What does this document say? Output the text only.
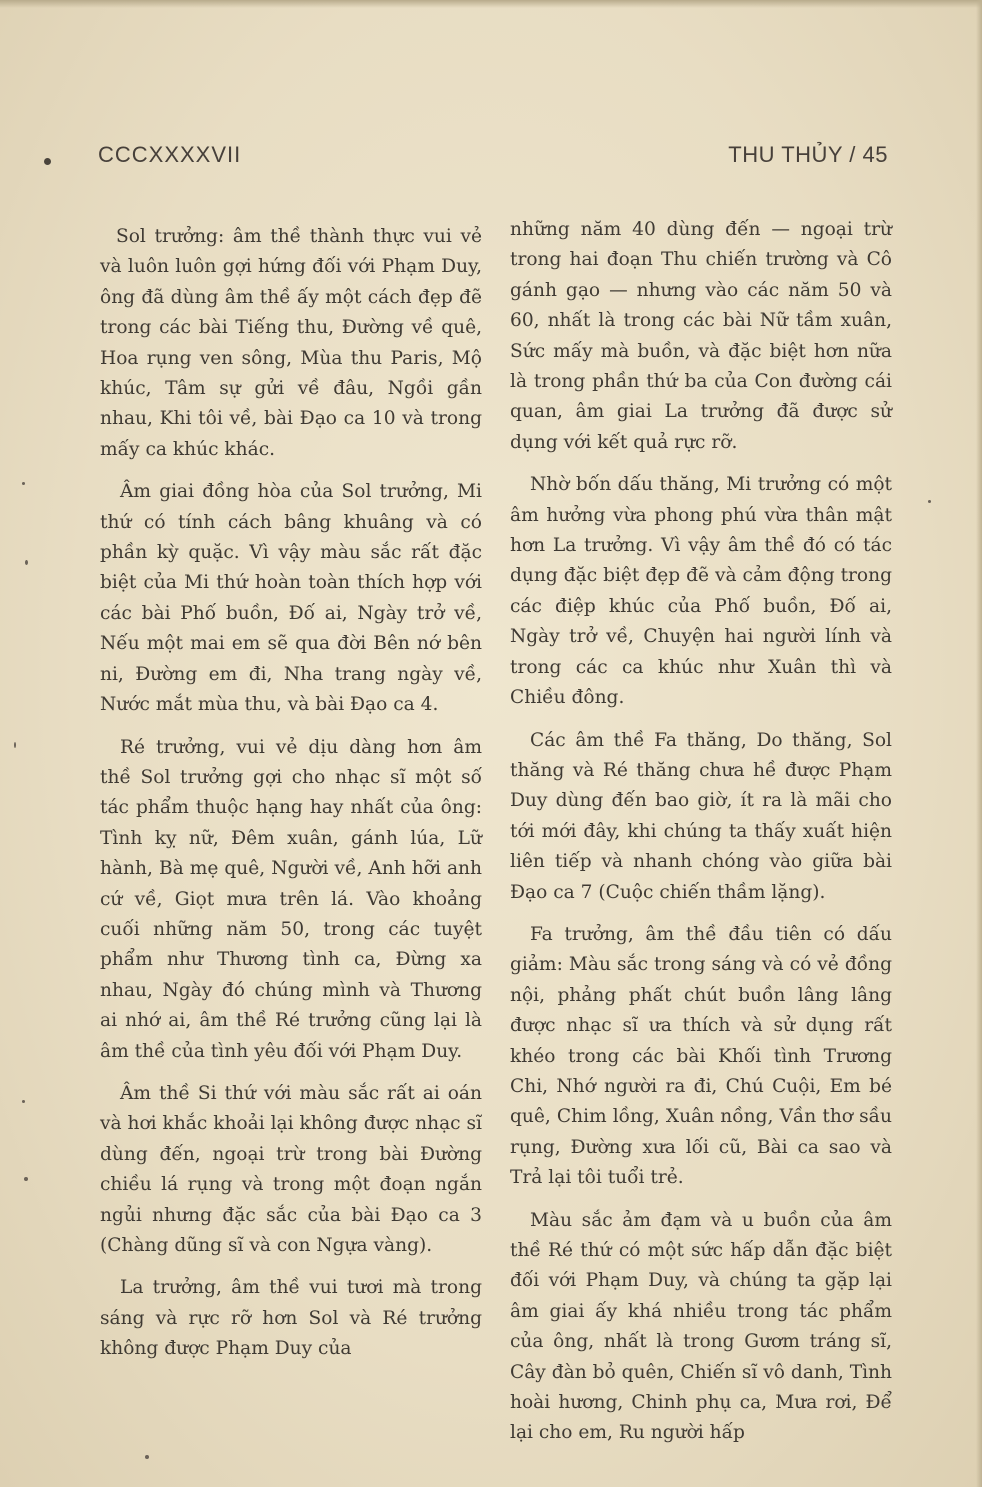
CCCXXXXVII	THU THỦY / 45

Sol trưởng: âm thề thành thực vui vẻ và luôn luôn gợi hứng đối với Phạm Duy, ông đã dùng âm thề ấy một cách đẹp đẽ trong các bài Tiếng thu, Đường về quê, Hoa rụng ven sông, Mùa thu Paris, Mộ khúc, Tâm sự gửi về đâu, Ngồi gần nhau, Khi tôi về, bài Đạo ca 10 và trong mấy ca khúc khác.

Âm giai đồng hòa của Sol trưởng, Mi thứ có tính cách bâng khuâng và có phần kỳ quặc. Vì vậy màu sắc rất đặc biệt của Mi thứ hoàn toàn thích hợp với các bài Phố buồn, Đố ai, Ngày trở về, Nếu một mai em sẽ qua đời Bên nớ bên ni, Đường em đi, Nha trang ngày về, Nước mắt mùa thu, và bài Đạo ca 4.

Ré trưởng, vui vẻ dịu dàng hơn âm thề Sol trưởng gợi cho nhạc sĩ một số tác phẩm thuộc hạng hay nhất của ông: Tình kỵ nữ, Đêm xuân, gánh lúa, Lữ hành, Bà mẹ quê, Người về, Anh hỡi anh cứ về, Giọt mưa trên lá. Vào khoảng cuối những năm 50, trong các tuyệt phẩm như Thương tình ca, Đừng xa nhau, Ngày đó chúng mình và Thương ai nhớ ai, âm thề Ré trưởng cũng lại là âm thề của tình yêu đối với Phạm Duy.

Âm thề Si thứ với màu sắc rất ai oán và hơi khắc khoải lại không được nhạc sĩ dùng đến, ngoại trừ trong bài Đường chiều lá rụng và trong một đoạn ngắn ngủi nhưng đặc sắc của bài Đạo ca 3 (Chàng dũng sĩ và con Ngựa vàng).

La trưởng, âm thề vui tươi mà trong sáng và rực rỡ hơn Sol và Ré trưởng không được Phạm Duy của

những năm 40 dùng đến — ngoại trừ trong hai đoạn Thu chiến trường và Cô gánh gạo — nhưng vào các năm 50 và 60, nhất là trong các bài Nữ tầm xuân, Sức mấy mà buồn, và đặc biệt hơn nữa là trong phần thứ ba của Con đường cái quan, âm giai La trưởng đã được sử dụng với kết quả rực rỡ.

Nhờ bốn dấu thăng, Mi trưởng có một âm hưởng vừa phong phú vừa thân mật hơn La trưởng. Vì vậy âm thề đó có tác dụng đặc biệt đẹp đẽ và cảm động trong các điệp khúc của Phố buồn, Đố ai, Ngày trở về, Chuyện hai người lính và trong các ca khúc như Xuân thì và Chiều đông.

Các âm thề Fa thăng, Do thăng, Sol thăng và Ré thăng chưa hề được Phạm Duy dùng đến bao giờ, ít ra là mãi cho tới mới đây, khi chúng ta thấy xuất hiện liên tiếp và nhanh chóng vào giữa bài Đạo ca 7 (Cuộc chiến thầm lặng).

Fa trưởng, âm thề đầu tiên có dấu giảm: Màu sắc trong sáng và có vẻ đồng nội, phảng phất chút buồn lâng lâng được nhạc sĩ ưa thích và sử dụng rất khéo trong các bài Khối tình Trương Chi, Nhớ người ra đi, Chú Cuội, Em bé quê, Chim lồng, Xuân nồng, Vần thơ sầu rụng, Đường xưa lối cũ, Bài ca sao và Trả lại tôi tuổi trẻ.

Màu sắc ảm đạm và u buồn của âm thề Ré thứ có một sức hấp dẫn đặc biệt đối với Phạm Duy, và chúng ta gặp lại âm giai ấy khá nhiều trong tác phẩm của ông, nhất là trong Gươm tráng sĩ, Cây đàn bỏ quên, Chiến sĩ vô danh, Tình hoài hương, Chinh phụ ca, Mưa rơi, Để lại cho em, Ru người hấp
